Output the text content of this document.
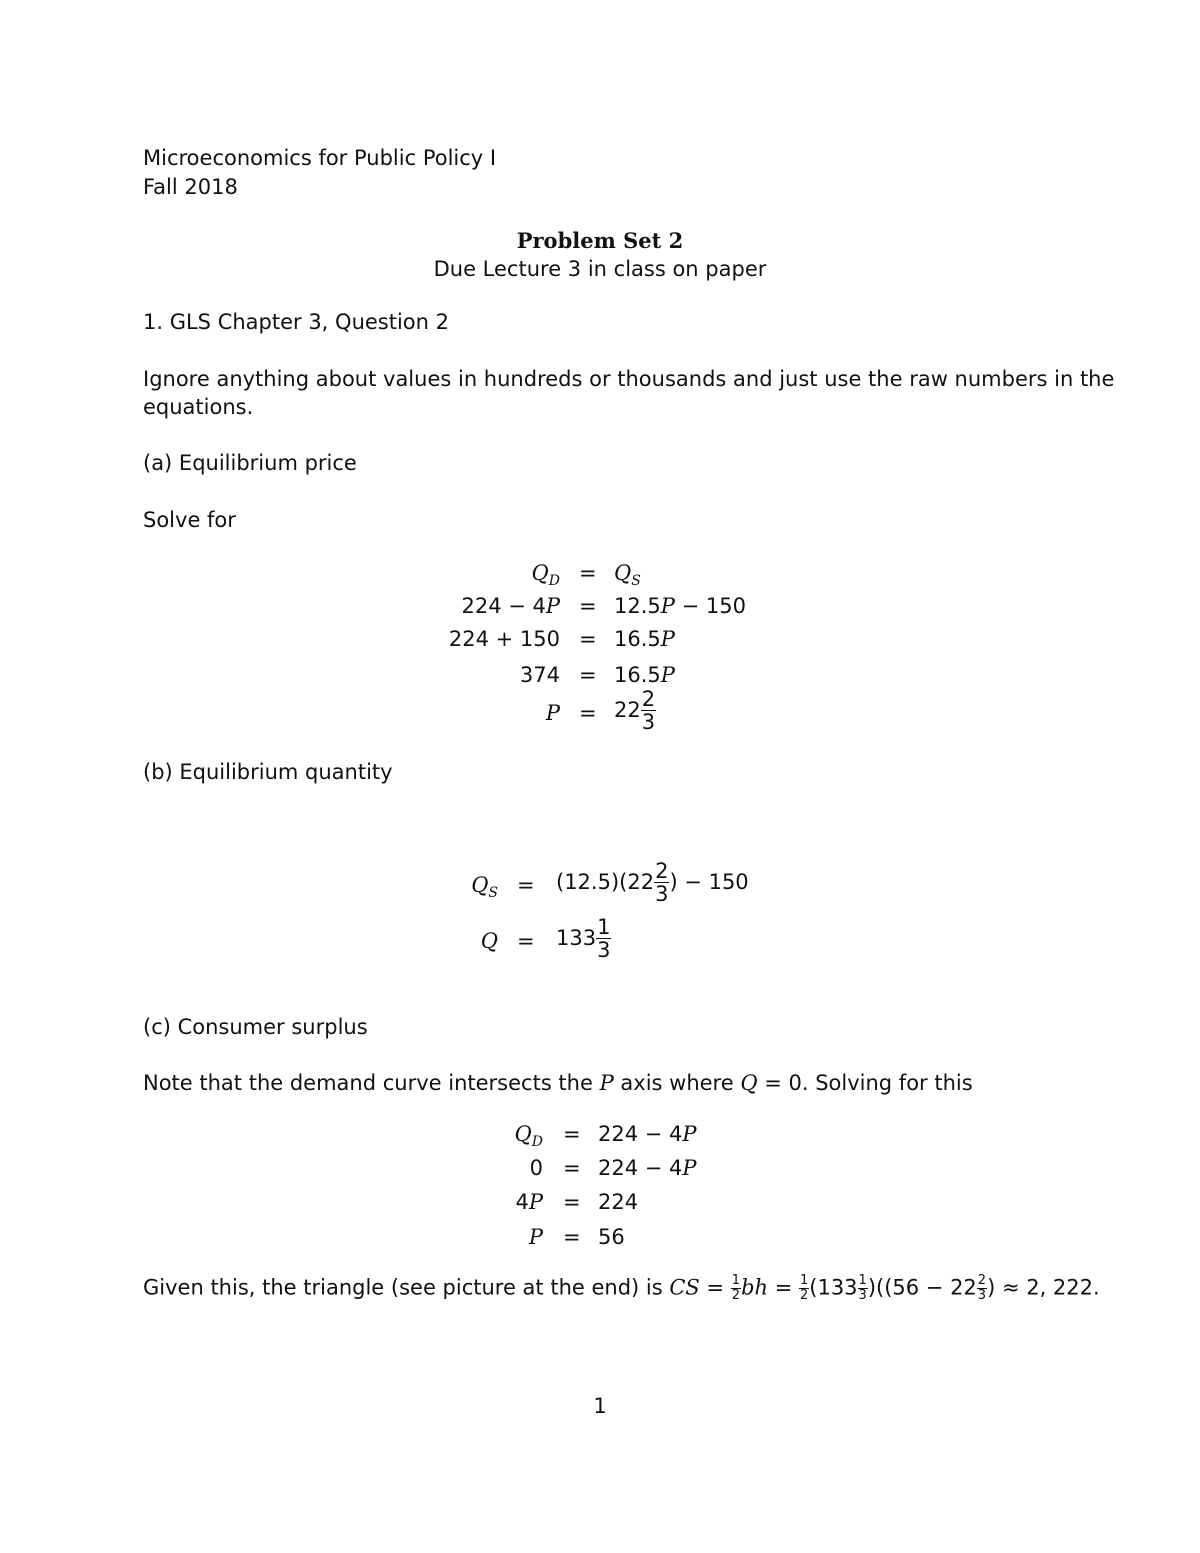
Microeconomics for Public Policy I
Fall 2018
Problem Set 2
Due Lecture 3 in class on paper
1. GLS Chapter 3, Question 2
Ignore anything about values in hundreds or thousands and just use the raw numbers in the
equations.
(a) Equilibrium price
Solve for
$Q_D = Q_S$
224 − 4P = 12.5P − 150
224 + 150 = 16.5P
374 = 16.5P
$P = 22 \frac{2}{3}$
(b) Equilibrium quantity
$Q_S = (12.5)(22 \frac{2}{3}$ ) − 150
$Q = 133 \frac{1}{3}$
(c) Consumer surplus
Note that the demand curve intersects the P axis where Q = 0. Solving for this
$Q_D = 224 - 4P$
0 = 224 − 4P
4P = 224
P = 56
Given this, the triangle (see picture at the end) is CS = $\frac{1}{2}$ bh = $\frac{1}{2} (133 \frac{1}{3} )((56 - 22 \frac{2}{3}$ ) ≈ 2, 222.
1
